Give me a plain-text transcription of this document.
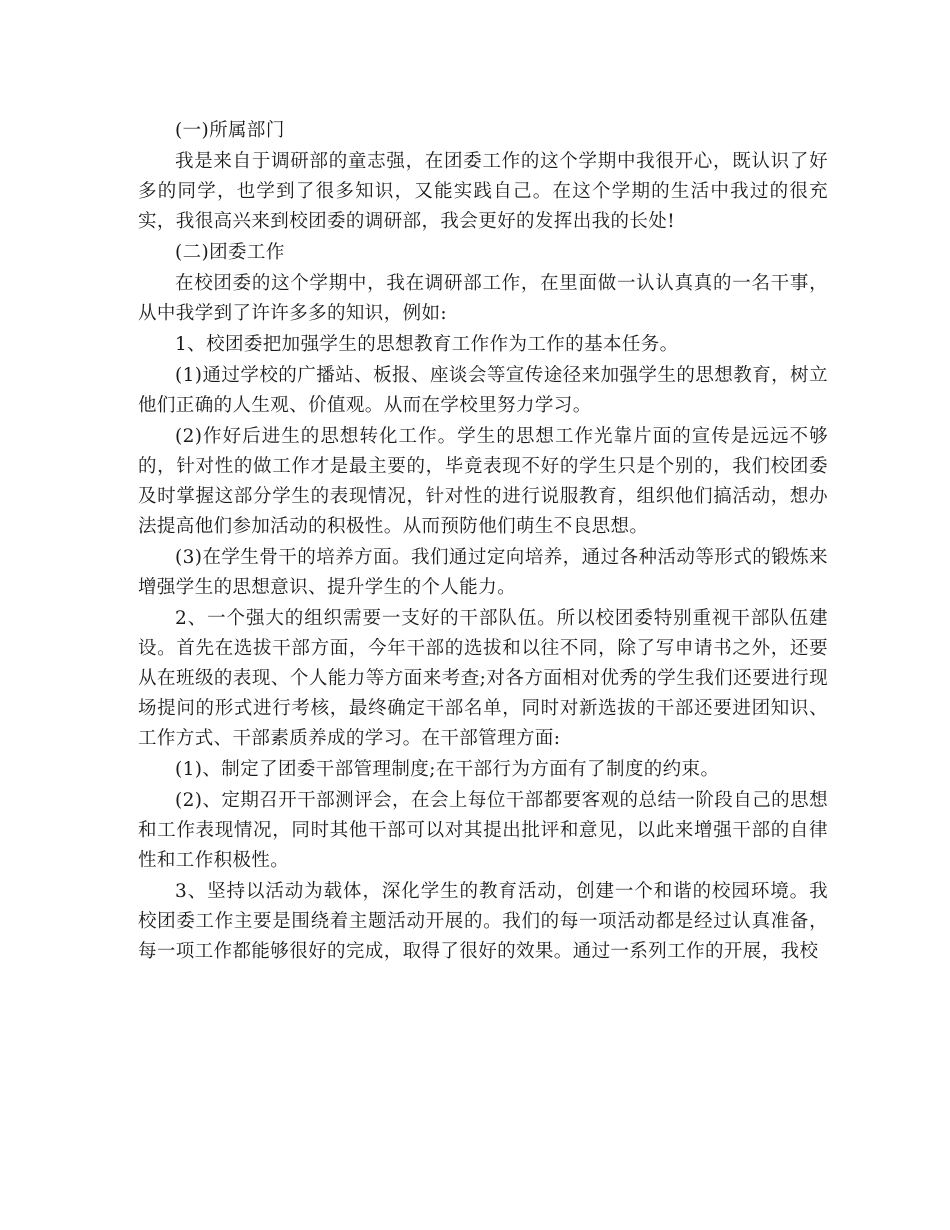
(一)所属部门

我是来自于调研部的童志强，在团委工作的这个学期中我很开心，既认识了好多的同学，也学到了很多知识，又能实践自己。在这个学期的生活中我过的很充实，我很高兴来到校团委的调研部，我会更好的发挥出我的长处!

(二)团委工作

在校团委的这个学期中，我在调研部工作，在里面做一认认真真的一名干事，从中我学到了许许多多的知识，例如:

1、校团委把加强学生的思想教育工作作为工作的基本任务。

(1)通过学校的广播站、板报、座谈会等宣传途径来加强学生的思想教育，树立他们正确的人生观、价值观。从而在学校里努力学习。

(2)作好后进生的思想转化工作。学生的思想工作光靠片面的宣传是远远不够的，针对性的做工作才是最主要的，毕竟表现不好的学生只是个别的，我们校团委及时掌握这部分学生的表现情况，针对性的进行说服教育，组织他们搞活动，想办法提高他们参加活动的积极性。从而预防他们萌生不良思想。

(3)在学生骨干的培养方面。我们通过定向培养，通过各种活动等形式的锻炼来增强学生的思想意识、提升学生的个人能力。

2、一个强大的组织需要一支好的干部队伍。所以校团委特别重视干部队伍建设。首先在选拔干部方面，今年干部的选拔和以往不同，除了写申请书之外，还要从在班级的表现、个人能力等方面来考查;对各方面相对优秀的学生我们还要进行现场提问的形式进行考核，最终确定干部名单，同时对新选拔的干部还要进团知识、工作方式、干部素质养成的学习。在干部管理方面:

(1)、制定了团委干部管理制度;在干部行为方面有了制度的约束。

(2)、定期召开干部测评会，在会上每位干部都要客观的总结一阶段自己的思想和工作表现情况，同时其他干部可以对其提出批评和意见，以此来增强干部的自律性和工作积极性。

3、坚持以活动为载体，深化学生的教育活动，创建一个和谐的校园环境。我校团委工作主要是围绕着主题活动开展的。我们的每一项活动都是经过认真准备，每一项工作都能够很好的完成，取得了很好的效果。通过一系列工作的开展，我校
